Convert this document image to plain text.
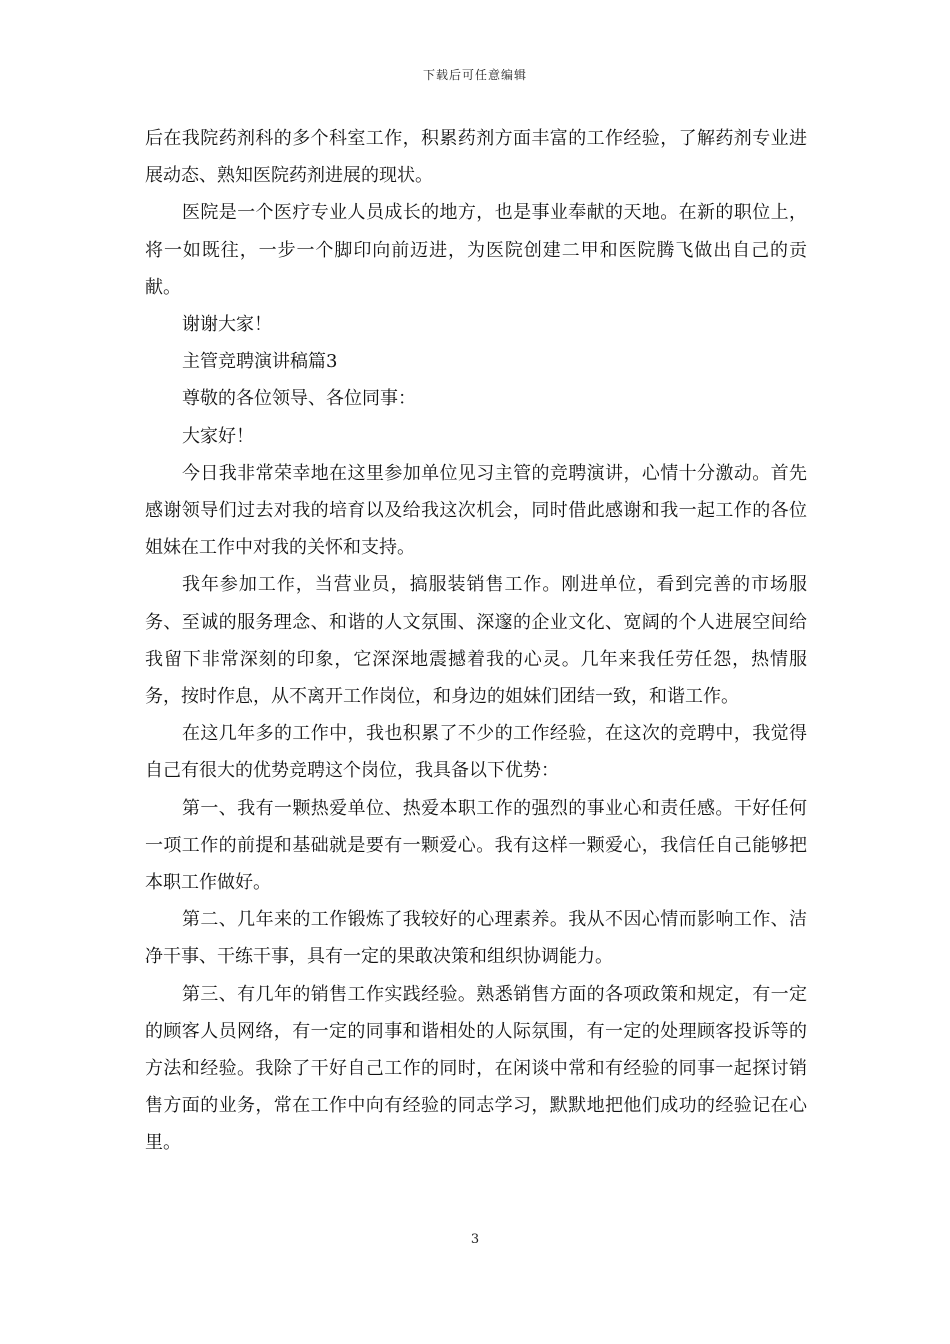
下载后可任意编辑

后在我院药剂科的多个科室工作，积累药剂方面丰富的工作经验，了解药剂专业进展动态、熟知医院药剂进展的现状。

医院是一个医疗专业人员成长的地方，也是事业奉献的天地。在新的职位上，将一如既往，一步一个脚印向前迈进，为医院创建二甲和医院腾飞做出自己的贡献。

谢谢大家！

主管竞聘演讲稿篇3

尊敬的各位领导、各位同事：

大家好！

今日我非常荣幸地在这里参加单位见习主管的竞聘演讲，心情十分激动。首先感谢领导们过去对我的培育以及给我这次机会，同时借此感谢和我一起工作的各位姐妹在工作中对我的关怀和支持。

我年参加工作，当营业员，搞服装销售工作。刚进单位，看到完善的市场服务、至诚的服务理念、和谐的人文氛围、深邃的企业文化、宽阔的个人进展空间给我留下非常深刻的印象，它深深地震撼着我的心灵。几年来我任劳任怨，热情服务，按时作息，从不离开工作岗位，和身边的姐妹们团结一致，和谐工作。

在这几年多的工作中，我也积累了不少的工作经验，在这次的竞聘中，我觉得自己有很大的优势竞聘这个岗位，我具备以下优势：

第一、我有一颗热爱单位、热爱本职工作的强烈的事业心和责任感。干好任何一项工作的前提和基础就是要有一颗爱心。我有这样一颗爱心，我信任自己能够把本职工作做好。

第二、几年来的工作锻炼了我较好的心理素养。我从不因心情而影响工作、洁净干事、干练干事，具有一定的果敢决策和组织协调能力。

第三、有几年的销售工作实践经验。熟悉销售方面的各项政策和规定，有一定的顾客人员网络，有一定的同事和谐相处的人际氛围，有一定的处理顾客投诉等的方法和经验。我除了干好自己工作的同时，在闲谈中常和有经验的同事一起探讨销售方面的业务，常在工作中向有经验的同志学习，默默地把他们成功的经验记在心里。

3
